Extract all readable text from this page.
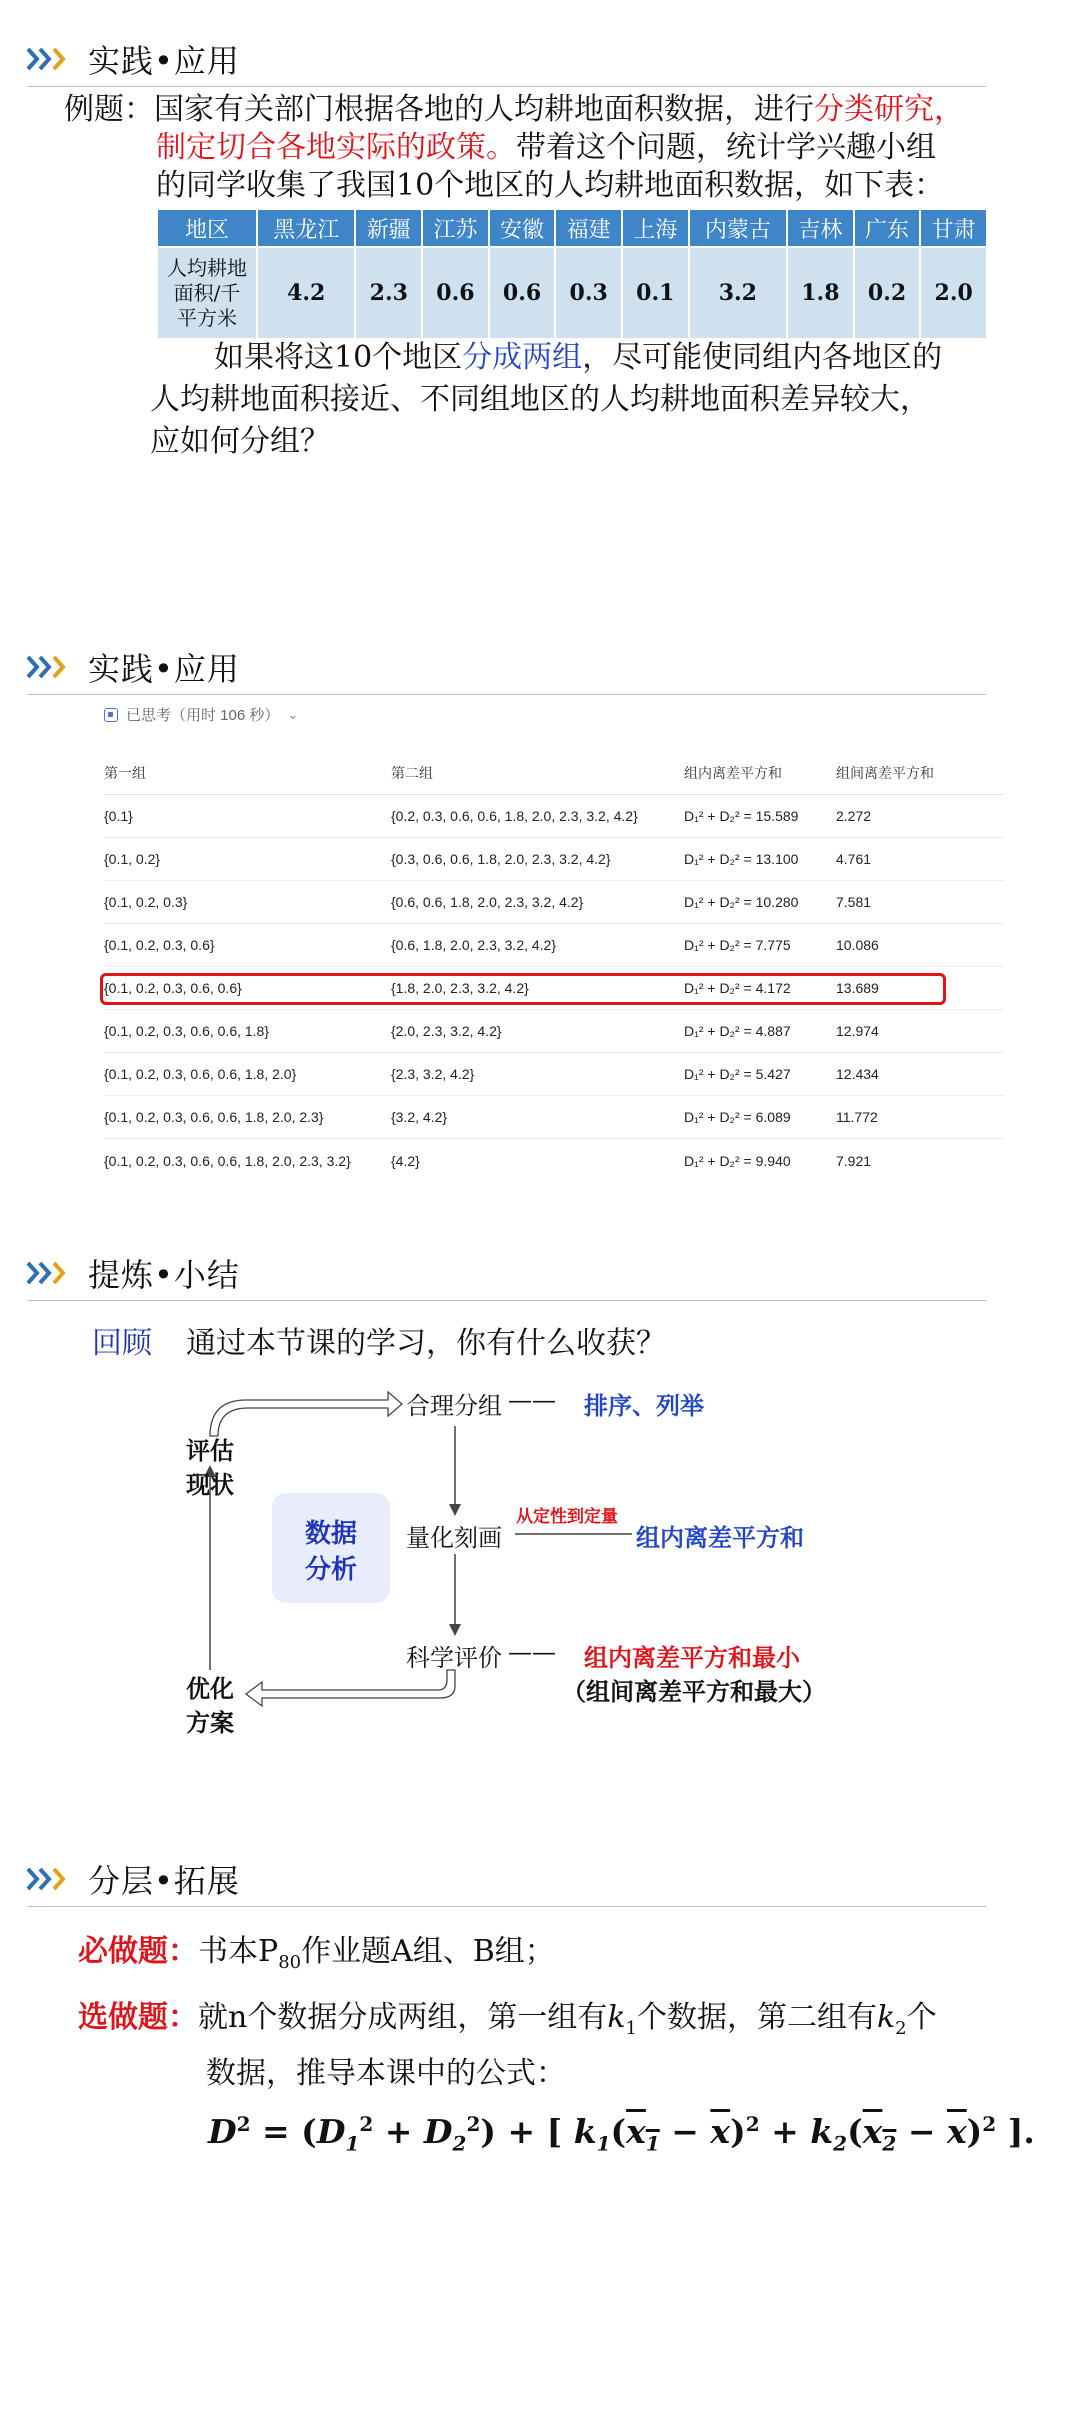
实践•应用
例题：国家有关部门根据各地的人均耕地面积数据，进行分类研究，
制定切合各地实际的政策。带着这个问题，统计学兴趣小组
的同学收集了我国10个地区的人均耕地面积数据，如下表：
地区	黑龙江	新疆	江苏	安徽	福建	上海	内蒙古	吉林	广东	甘肃
人均耕地
面积/千
平方米	4.2	2.3	0.6	0.6	0.3	0.1	3.2	1.8	0.2	2.0
如果将这10个地区分成两组，尽可能使同组内各地区的
人均耕地面积接近、不同组地区的人均耕地面积差异较大，
应如何分组？
实践•应用
已思考（用时 106 秒） ⌄
第一组	第二组	组内离差平方和	组间离差平方和
{0.1}	{0.2, 0.3, 0.6, 0.6, 1.8, 2.0, 2.3, 3.2, 4.2}	D₁² + D₂² = 15.589	2.272
{0.1, 0.2}	{0.3, 0.6, 0.6, 1.8, 2.0, 2.3, 3.2, 4.2}	D₁² + D₂² = 13.100	4.761
{0.1, 0.2, 0.3}	{0.6, 0.6, 1.8, 2.0, 2.3, 3.2, 4.2}	D₁² + D₂² = 10.280	7.581
{0.1, 0.2, 0.3, 0.6}	{0.6, 1.8, 2.0, 2.3, 3.2, 4.2}	D₁² + D₂² = 7.775	10.086
{0.1, 0.2, 0.3, 0.6, 0.6}	{1.8, 2.0, 2.3, 3.2, 4.2}	D₁² + D₂² = 4.172	13.689
{0.1, 0.2, 0.3, 0.6, 0.6, 1.8}	{2.0, 2.3, 3.2, 4.2}	D₁² + D₂² = 4.887	12.974
{0.1, 0.2, 0.3, 0.6, 0.6, 1.8, 2.0}	{2.3, 3.2, 4.2}	D₁² + D₂² = 5.427	12.434
{0.1, 0.2, 0.3, 0.6, 0.6, 1.8, 2.0, 2.3}	{3.2, 4.2}	D₁² + D₂² = 6.089	11.772
{0.1, 0.2, 0.3, 0.6, 0.6, 1.8, 2.0, 2.3, 3.2}	{4.2}	D₁² + D₂² = 9.940	7.921
提炼•小结
回顾 通过本节课的学习，你有什么收获？
合理分组 —— 排序、列举
量化刻画
从定性到定量
组内离差平方和
科学评价 —— 组内离差平方和最小
（组间离差平方和最大）
评估
现状
优化
方案
数据
分析
分层•拓展
必做题：书本$P_{80}$作业题A组、B组；
选做题：就n个数据分成两组，第一组有$k_1$个数据，第二组有$k_2$个
数据，推导本课中的公式：
$D^2 = (D_1^2 + D_2^2)$ + [ $k_1(x_1 - \overline{x})^2 + k_2(x_2 - \overline{x})^2$ ].
